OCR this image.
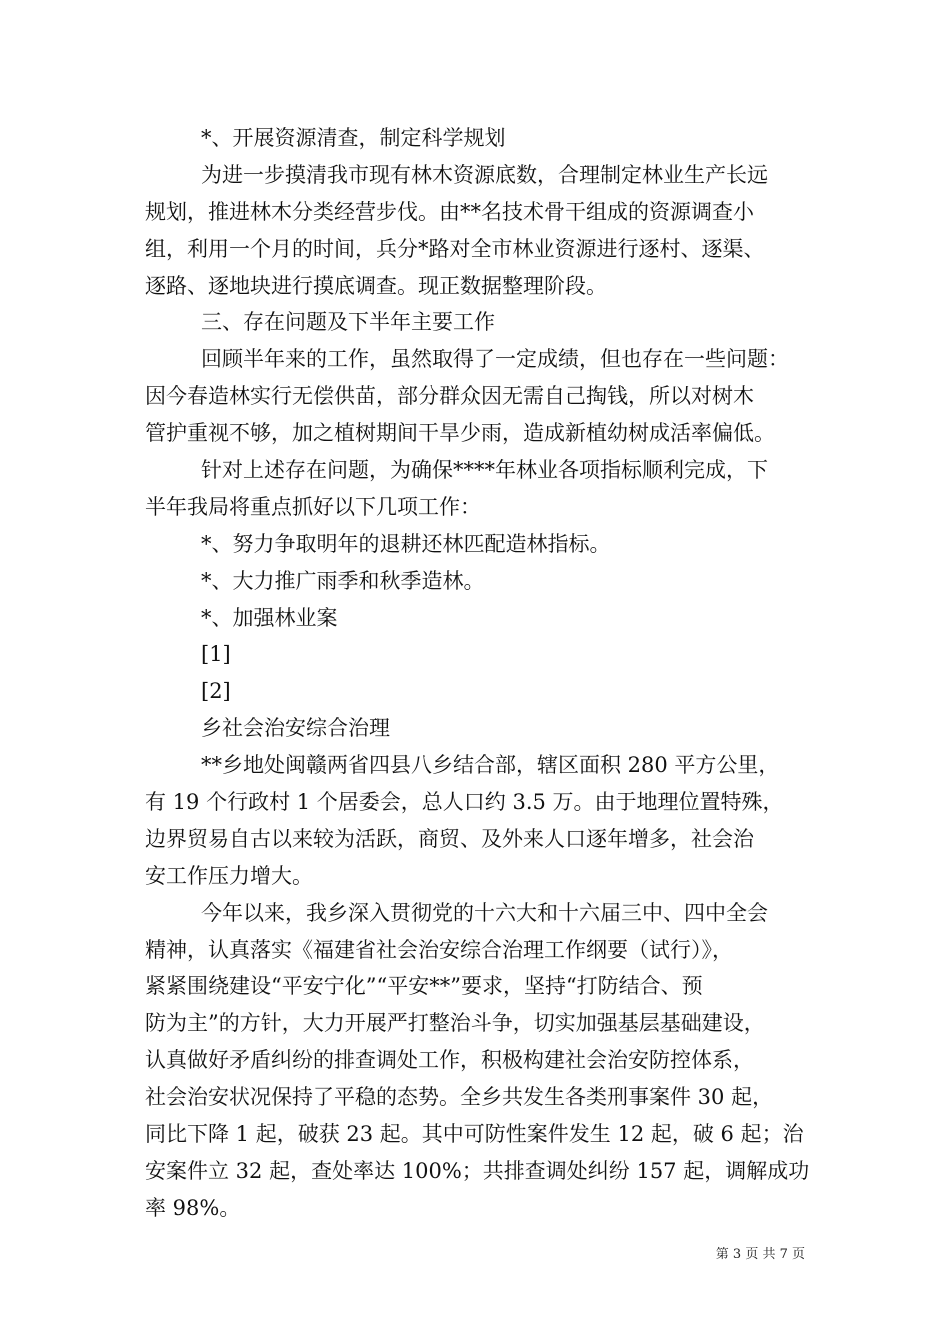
*、开展资源清查，制定科学规划
为进一步摸清我市现有林木资源底数，合理制定林业生产长远
规划，推进林木分类经营步伐。由**名技术骨干组成的资源调查小
组，利用一个月的时间，兵分*路对全市林业资源进行逐村、逐渠、
逐路、逐地块进行摸底调查。现正数据整理阶段。
三、存在问题及下半年主要工作
回顾半年来的工作，虽然取得了一定成绩，但也存在一些问题：
因今春造林实行无偿供苗，部分群众因无需自己掏钱，所以对树木
管护重视不够，加之植树期间干旱少雨，造成新植幼树成活率偏低。
针对上述存在问题，为确保****年林业各项指标顺利完成，下
半年我局将重点抓好以下几项工作：
*、努力争取明年的退耕还林匹配造林指标。
*、大力推广雨季和秋季造林。
*、加强林业案
[1]
[2]
乡社会治安综合治理
**乡地处闽赣两省四县八乡结合部，辖区面积 280 平方公里，
有 19 个行政村 1 个居委会，总人口约 3.5 万。由于地理位置特殊，
边界贸易自古以来较为活跃，商贸、及外来人口逐年增多，社会治
安工作压力增大。
今年以来，我乡深入贯彻党的十六大和十六届三中、四中全会
精神，认真落实《福建省社会治安综合治理工作纲要（试行）》，
紧紧围绕建设“平安宁化”“平安**”要求，坚持“打防结合、预
防为主”的方针，大力开展严打整治斗争，切实加强基层基础建设，
认真做好矛盾纠纷的排查调处工作，积极构建社会治安防控体系，
社会治安状况保持了平稳的态势。全乡共发生各类刑事案件 30 起，
同比下降 1 起，破获 23 起。其中可防性案件发生 12 起，破 6 起；治
安案件立 32 起，查处率达 100%；共排查调处纠纷 157 起，调解成功
率 98%。
第 3 页 共 7 页
